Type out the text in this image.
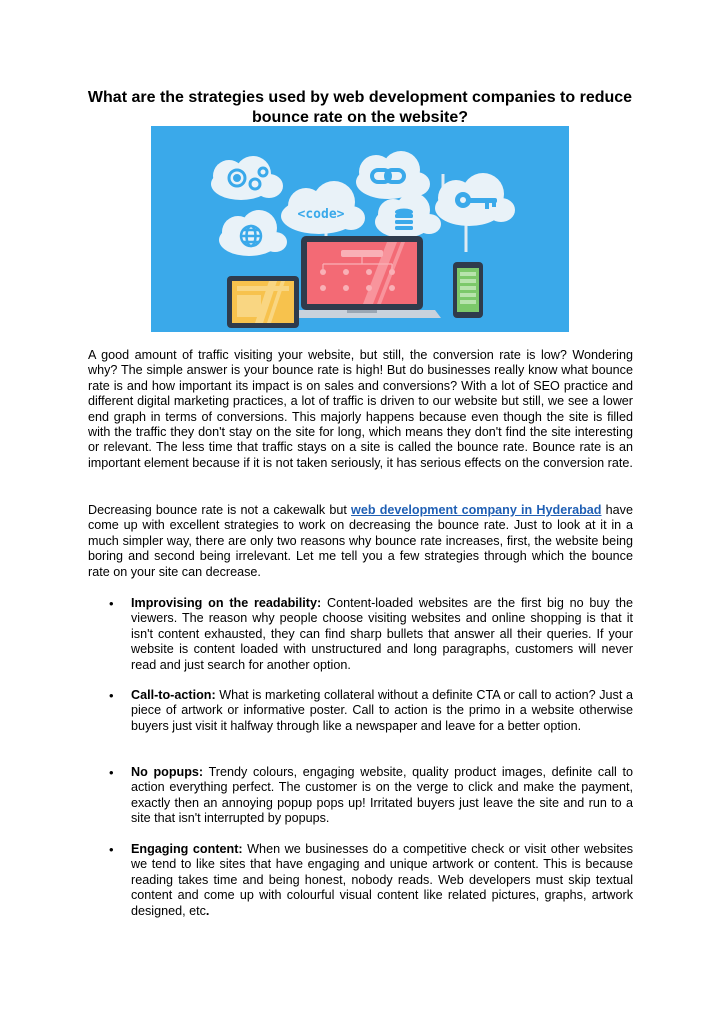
What are the strategies used by web development companies to reduce bounce rate on the website?
<code>

A good amount of traffic visiting your website, but still, the conversion rate is low? Wondering why? The simple answer is your bounce rate is high! But do businesses really know what bounce rate is and how important its impact is on sales and conversions? With a lot of SEO practice and different digital marketing practices, a lot of traffic is driven to our website but still, we see a lower end graph in terms of conversions. This majorly happens because even though the site is filled with the traffic they don't stay on the site for long, which means they don't find the site interesting or relevant. The less time that traffic stays on a site is called the bounce rate. Bounce rate is an important element because if it is not taken seriously, it has serious effects on the conversion rate.

Decreasing bounce rate is not a cakewalk but web development company in Hyderabad have come up with excellent strategies to work on decreasing the bounce rate. Just to look at it in a much simpler way, there are only two reasons why bounce rate increases, first, the website being boring and second being irrelevant. Let me tell you a few strategies through which the bounce rate on your site can decrease.

• Improvising on the readability: Content-loaded websites are the first big no buy the viewers. The reason why people choose visiting websites and online shopping is that it isn't content exhausted, they can find sharp bullets that answer all their queries. If your website is content loaded with unstructured and long paragraphs, customers will never read and just search for another option.

• Call-to-action: What is marketing collateral without a definite CTA or call to action? Just a piece of artwork or informative poster. Call to action is the primo in a website otherwise buyers just visit it halfway through like a newspaper and leave for a better option.

• No popups: Trendy colours, engaging website, quality product images, definite call to action everything perfect. The customer is on the verge to click and make the payment, exactly then an annoying popup pops up! Irritated buyers just leave the site and run to a site that isn't interrupted by popups.

• Engaging content: When we businesses do a competitive check or visit other websites we tend to like sites that have engaging and unique artwork or content. This is because reading takes time and being honest, nobody reads. Web developers must skip textual content and come up with colourful visual content like related pictures, graphs, artwork designed, etc.
